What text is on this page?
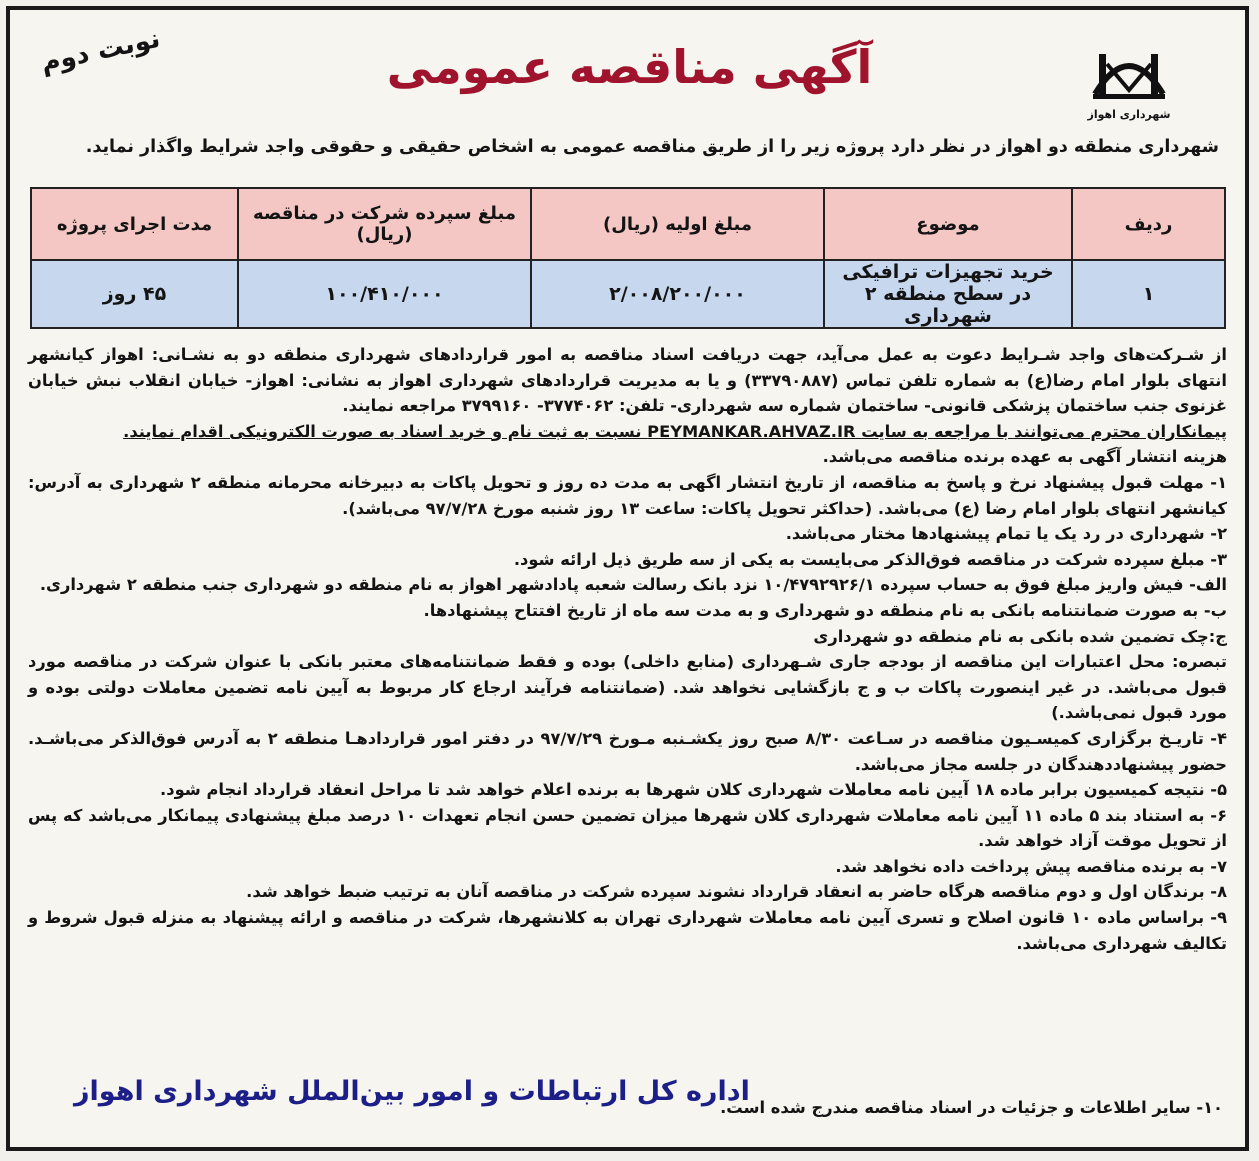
شهرداری اهواز
آگهی مناقصه عمومی
نوبت دوم
شهرداری منطقه دو اهواز در نظر دارد پروژه زیر را از طریق مناقصه عمومی به اشخاص حقیقی و حقوقی واجد شرایط واگذار نماید.
ردیف	موضوع	مبلغ اولیه (ریال)	مبلغ سپرده شرکت در مناقصه (ریال)	مدت اجرای پروژه
۱	خرید تجهیزات ترافیکی در سطح منطقه ۲ شهرداری	۲/۰۰۸/۲۰۰/۰۰۰	۱۰۰/۴۱۰/۰۰۰	۴۵ روز

از شـرکت‌های واجد شـرایط دعوت به عمل می‌آید، جهت دریافت اسناد مناقصه به امور قراردادهای شهرداری منطقه دو به نشـانی: اهواز کیانشهر انتهای بلوار امام رضا(ع) به شماره تلفن تماس (۳۳۷۹۰۸۸۷) و یا به مدیریت قراردادهای شهرداری اهواز به نشانی: اهواز- خیابان انقلاب نبش خیابان غزنوی جنب ساختمان پزشکی قانونی- ساختمان شماره سه شهرداری- تلفن: ۳۷۷۴۰۶۲- ۳۷۹۹۱۶۰ مراجعه نمایند.

پیمانکاران محترم می‌توانند با مراجعه به سایت PEYMANKAR.AHVAZ.IR نسبت به ثبت نام و خرید اسناد به صورت الکترونیکی اقدام نمایند.

هزینه انتشار آگهی به عهده برنده مناقصه می‌باشد.

۱- مهلت قبول پیشنهاد نرخ و پاسخ به مناقصه، از تاریخ انتشار اگهی به مدت ده روز و تحویل پاکات به دبیرخانه محرمانه منطقه ۲ شهرداری به آدرس: کیانشهر انتهای بلوار امام رضا (ع) می‌باشد. (حداکثر تحویل پاکات: ساعت ۱۳ روز شنبه مورخ ۹۷/۷/۲۸ می‌باشد).

۲- شهرداری در رد یک یا تمام پیشنهادها مختار می‌باشد.

۳- مبلغ سپرده شرکت در مناقصه فوق‌الذکر می‌بایست به یکی از سه طریق ذیل ارائه شود.

الف- فیش واریز مبلغ فوق به حساب سپرده ۱۰/۴۷۹۲۹۲۶/۱ نزد بانک رسالت شعبه پادادشهر اهواز به نام منطقه دو شهرداری جنب منطقه ۲ شهرداری.

ب- به صورت ضمانتنامه بانکی به نام منطقه دو شهرداری و به مدت سه ماه از تاریخ افتتاح پیشنهادها.

ج:چک تضمین شده بانکی به نام منطقه دو شهرداری

تبصره: محل اعتبارات این مناقصه از بودجه جاری شـهرداری (منابع داخلی) بوده و فقط ضمانتنامه‌های معتبر بانکی با عنوان شرکت در مناقصه مورد قبول می‌باشد. در غیر اینصورت پاکات ب و ج بازگشایی نخواهد شد. (ضمانتنامه فرآیند ارجاع کار مربوط به آیین نامه تضمین معاملات دولتی بوده و مورد قبول نمی‌باشد.)

۴- تاریـخ برگزاری کمیسـیون مناقصه در سـاعت ۸/۳۰ صبح روز یکشـنبه مـورخ ۹۷/۷/۲۹ در دفتر امور قراردادهـا منطقه ۲ به آدرس فوق‌الذکر می‌باشـد. حضور پیشنهاددهندگان در جلسه مجاز می‌باشد.

۵- نتیجه کمیسیون برابر ماده ۱۸ آیین نامه معاملات شهرداری کلان شهرها به برنده اعلام خواهد شد تا مراحل انعقاد قرارداد انجام شود.

۶- به استناد بند ۵ ماده ۱۱ آیین نامه معاملات شهرداری کلان شهرها میزان تضمین حسن انجام تعهدات ۱۰ درصد مبلغ پیشنهادی پیمانکار می‌باشد که پس از تحویل موقت آزاد خواهد شد.

۷- به برنده مناقصه پیش پرداخت داده نخواهد شد.

۸- برندگان اول و دوم مناقصه هرگاه حاضر به انعقاد قرارداد نشوند سپرده شرکت در مناقصه آنان به ترتیب ضبط خواهد شد.

۹- براساس ماده ۱۰ قانون اصلاح و تسری آیین نامه معاملات شهرداری تهران به کلانشهرها، شرکت در مناقصه و ارائه پیشنهاد به منزله قبول شروط و تکالیف شهرداری می‌باشد.

اداره کل ارتباطات و امور بین‌الملل شهرداری اهواز
۱۰- سایر اطلاعات و جزئیات در اسناد مناقصه مندرج شده است.
